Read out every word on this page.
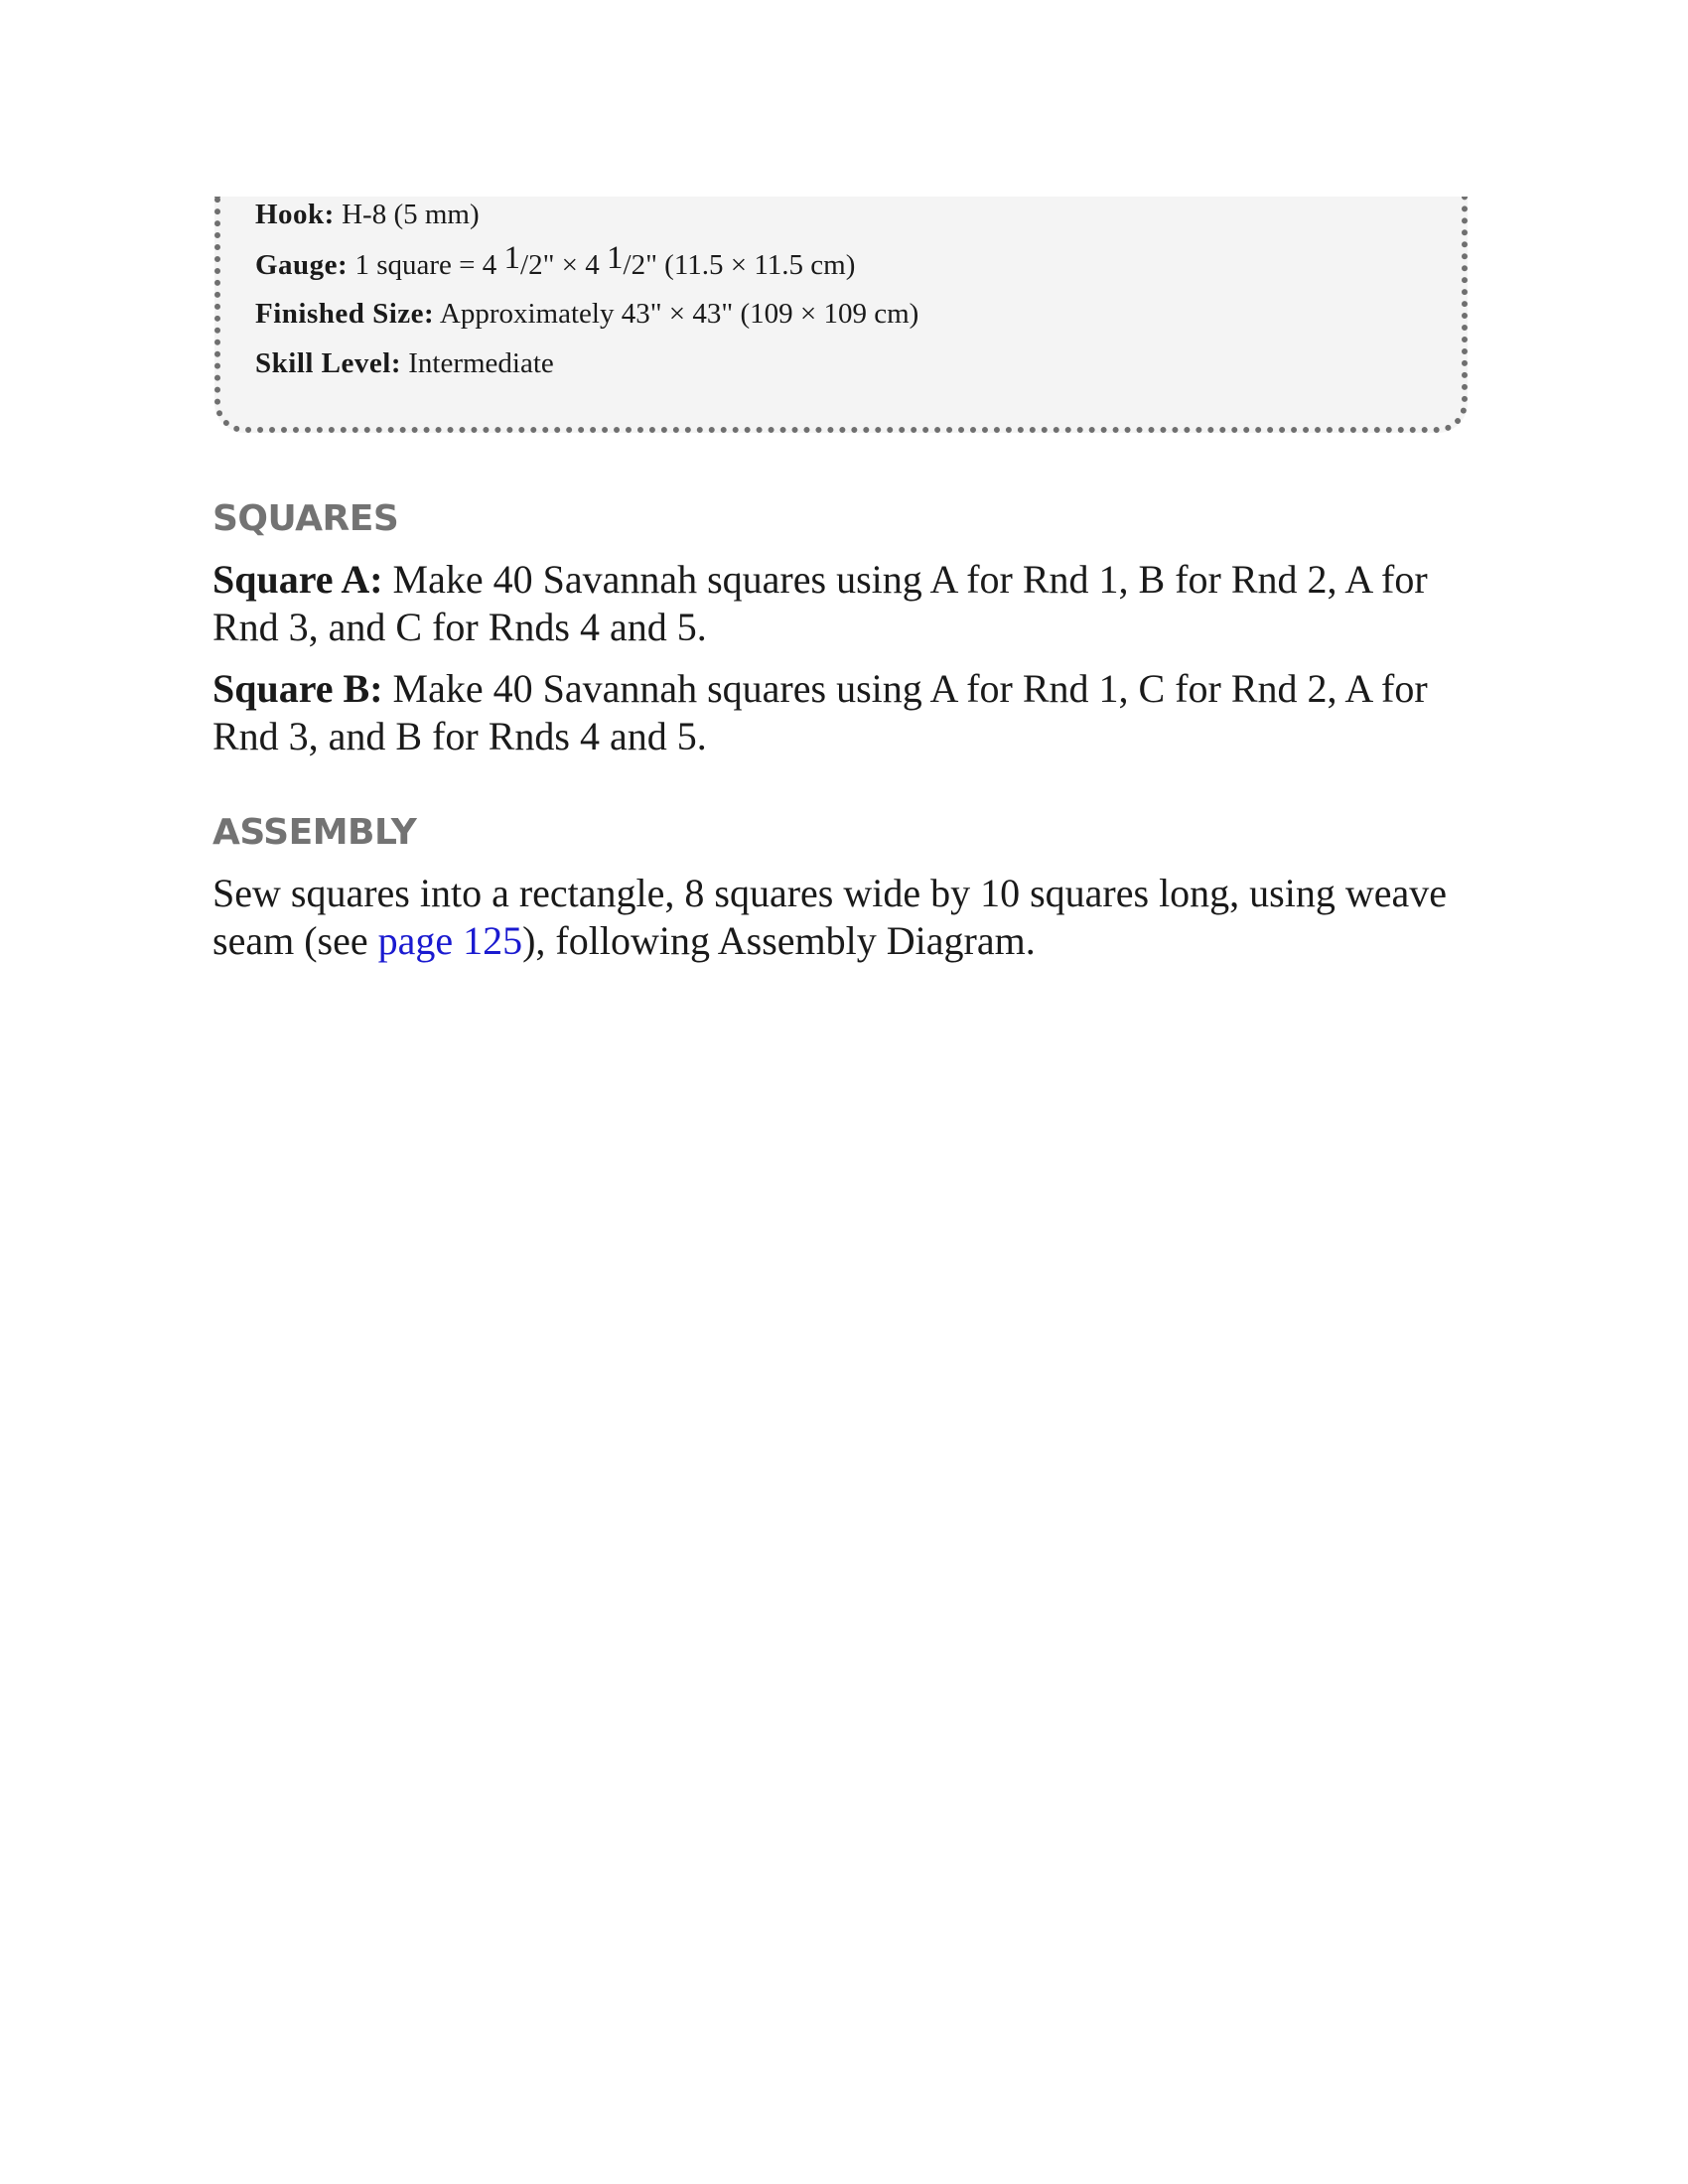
Hook: H-8 (5 mm)
Gauge: 1 square = 4 1/2" × 4 1/2" (11.5 × 11.5 cm)
Finished Size: Approximately 43" × 43" (109 × 109 cm)
Skill Level: Intermediate
SQUARES

Square A: Make 40 Savannah squares using A for Rnd 1, B for Rnd 2, A for Rnd 3, and C for Rnds 4 and 5.

Square B: Make 40 Savannah squares using A for Rnd 1, C for Rnd 2, A for Rnd 3, and B for Rnds 4 and 5.

ASSEMBLY

Sew squares into a rectangle, 8 squares wide by 10 squares long, using weave seam (see page 125), following Assembly Diagram.
